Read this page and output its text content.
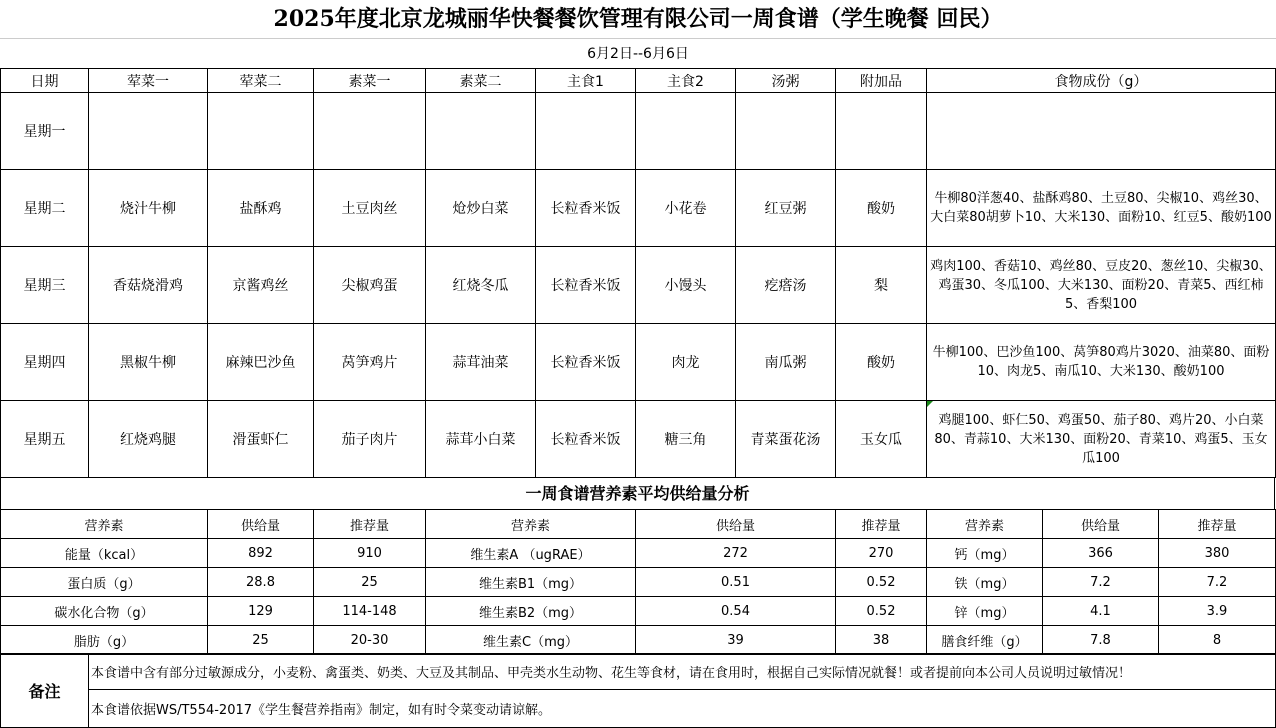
2025年度北京龙城丽华快餐餐饮管理有限公司一周食谱（学生晚餐 回民）
6月2日--6月6日
日期	荤菜一	荤菜二	素菜一	素菜二	主食1	主食2	汤粥	附加品	食物成份（g）
星期一									
星期二	烧汁牛柳	盐酥鸡	土豆肉丝	炝炒白菜	长粒香米饭	小花卷	红豆粥	酸奶	牛柳80洋葱40、盐酥鸡80、土豆80、尖椒10、鸡丝30、大白菜80胡萝卜10、大米130、面粉10、红豆5、酸奶100
星期三	香菇烧滑鸡	京酱鸡丝	尖椒鸡蛋	红烧冬瓜	长粒香米饭	小馒头	疙瘩汤	梨	鸡肉100、香菇10、鸡丝80、豆皮20、葱丝10、尖椒30、鸡蛋30、冬瓜100、大米130、面粉20、青菜5、西红柿5、香梨100
星期四	黑椒牛柳	麻辣巴沙鱼	莴笋鸡片	蒜茸油菜	长粒香米饭	肉龙	南瓜粥	酸奶	牛柳100、巴沙鱼100、莴笋80鸡片3020、油菜80、面粉10、肉龙5、南瓜10、大米130、酸奶100
星期五	红烧鸡腿	滑蛋虾仁	茄子肉片	蒜茸小白菜	长粒香米饭	糖三角	青菜蛋花汤	玉女瓜	鸡腿100、虾仁50、鸡蛋50、茄子80、鸡片20、小白菜80、青蒜10、大米130、面粉20、青菜10、鸡蛋5、玉女瓜100
一周食谱营养素平均供给量分析
营养素	供给量	推荐量	营养素	供给量	推荐量	营养素	供给量	推荐量
能量（kcal）	892	910	维生素A （ugRAE）	272	270	钙（mg）	366	380
蛋白质（g）	28.8	25	维生素B1（mg）	0.51	0.52	铁（mg）	7.2	7.2
碳水化合物（g）	129	114-148	维生素B2（mg）	0.54	0.52	锌（mg）	4.1	3.9
脂肪（g）	25	20-30	维生素C（mg）	39	38	膳食纤维（g）	7.8	8
备注	本食谱中含有部分过敏源成分，小麦粉、禽蛋类、奶类、大豆及其制品、甲壳类水生动物、花生等食材，请在食用时，根据自己实际情况就餐！或者提前向本公司人员说明过敏情况！
本食谱依据WS/T554-2017《学生餐营养指南》制定，如有时令菜变动请谅解。
